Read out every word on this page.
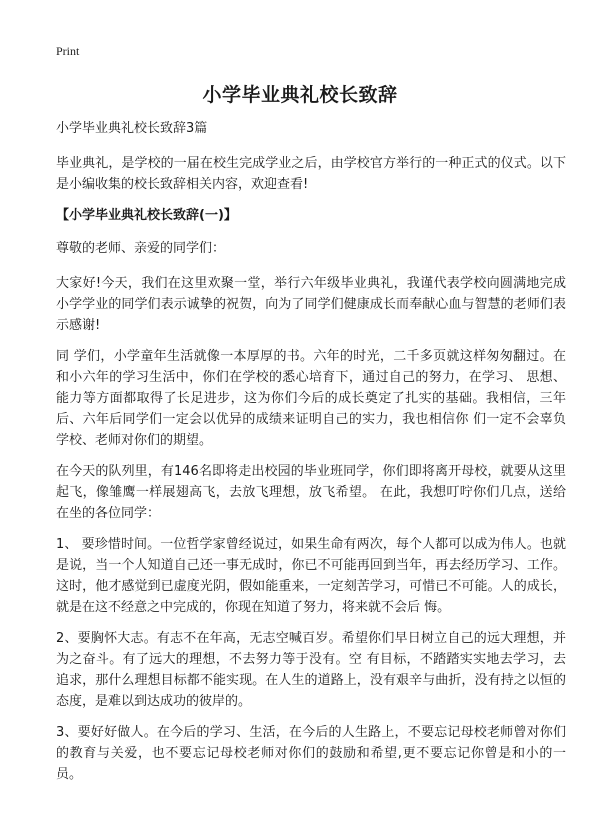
Print
小学毕业典礼校长致辞

小学毕业典礼校长致辞3篇

毕业典礼，是学校的一届在校生完成学业之后，由学校官方举行的一种正式的仪式。以下是小编收集的校长致辞相关内容，欢迎查看!

【小学毕业典礼校长致辞(一)】

尊敬的老师、亲爱的同学们：

大家好!今天，我们在这里欢聚一堂，举行六年级毕业典礼，我谨代表学校向圆满地完成小学学业的同学们表示诚挚的祝贺，向为了同学们健康成长而奉献心血与智慧的老师们表示感谢!

同 学们，小学童年生活就像一本厚厚的书。六年的时光，二千多页就这样匆匆翻过。在和小六年的学习生活中，你们在学校的悉心培育下，通过自己的努力，在学习、 思想、能力等方面都取得了长足进步，这为你们今后的成长奠定了扎实的基础。我相信，三年后、六年后同学们一定会以优异的成绩来证明自己的实力，我也相信你 们一定不会辜负学校、老师对你们的期望。

在今天的队列里，有146名即将走出校园的毕业班同学，你们即将离开母校，就要从这里起飞，像雏鹰一样展翅高飞，去放飞理想，放飞希望。 在此，我想叮咛你们几点，送给在坐的各位同学：

1、 要珍惜时间。一位哲学家曾经说过，如果生命有两次，每个人都可以成为伟人。也就是说，当一个人知道自己还一事无成时，你已不可能再回到当年，再去经历学习、工作。这时，他才感觉到已虚度光阴，假如能重来，一定刻苦学习，可惜已不可能。人的成长，就是在这不经意之中完成的，你现在知道了努力，将来就不会后 悔。

2、要胸怀大志。有志不在年高，无志空喊百岁。希望你们早日树立自己的远大理想，并为之奋斗。有了远大的理想，不去努力等于没有。空 有目标，不踏踏实实地去学习，去追求，那什么理想目标都不能实现。在人生的道路上，没有艰辛与曲折，没有持之以恒的态度，是难以到达成功的彼岸的。

3、要好好做人。在今后的学习、生活，在今后的人生路上，不要忘记母校老师曾对你们的教育与关爱，也不要忘记母校老师对你们的鼓励和希望,更不要忘记你曾是和小的一员。
